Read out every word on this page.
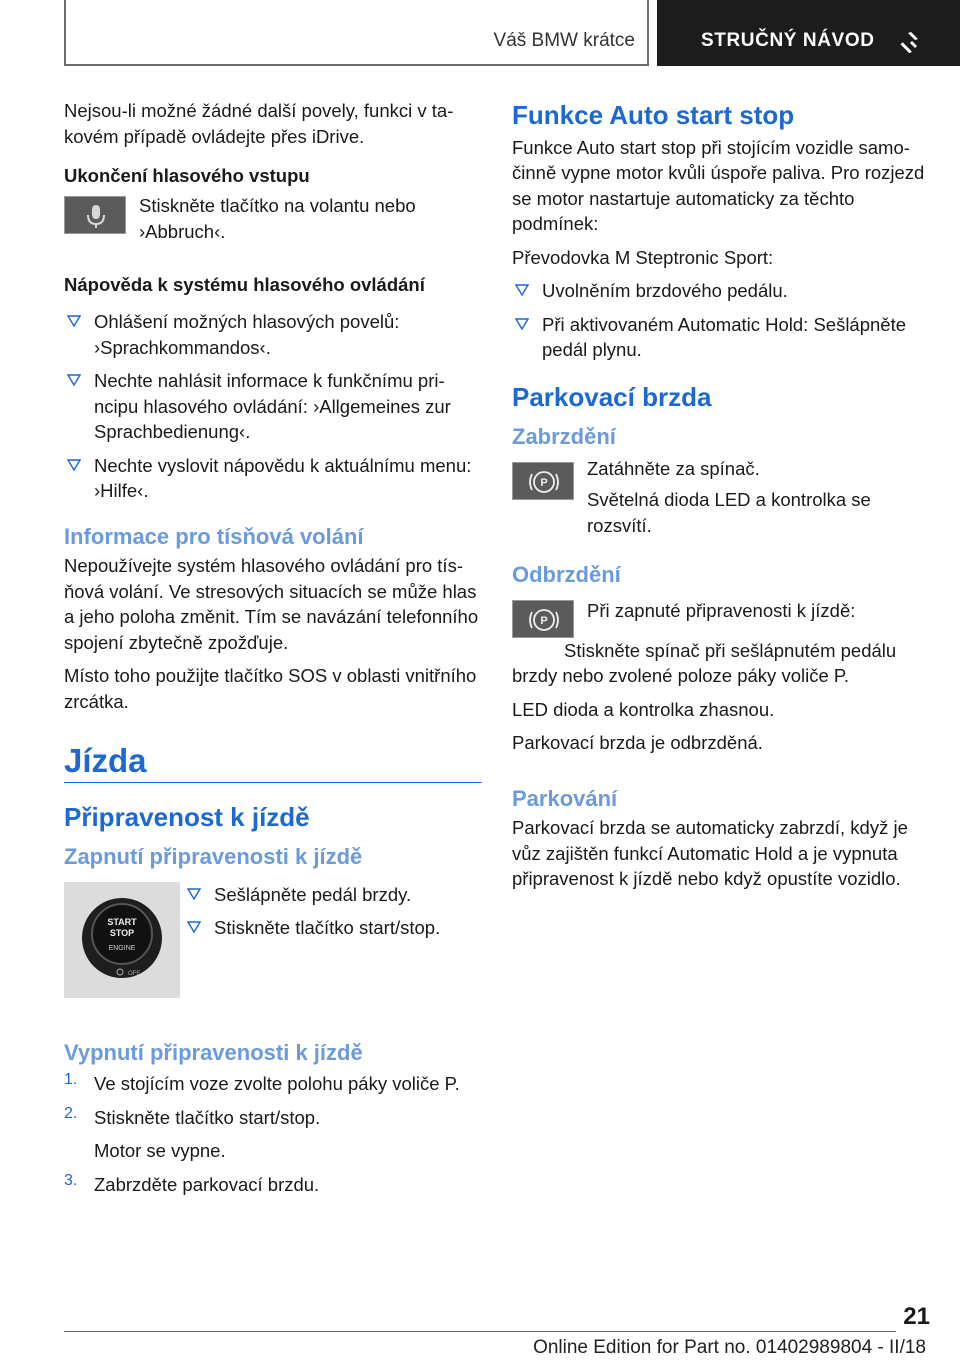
Váš BMW krátce	STRUČNÝ NÁVOD

Nejsou-li možné žádné další povely, funkci v takovém případě ovládejte přes iDrive.

Ukončení hlasového vstupu

Stiskněte tlačítko na volantu nebo ›Abbruch‹.

Nápověda k systému hlasového ovládání

Ohlášení možných hlasových povelů: ›Sprachkommandos‹.

Nechte nahlásit informace k funkčnímu principu hlasového ovládání: ›Allgemeines zur Sprachbedienung‹.

Nechte vyslovit nápovědu k aktuálnímu menu: ›Hilfe‹.

Informace pro tísňová volání

Nepoužívejte systém hlasového ovládání pro tísňová volání. Ve stresových situacích se může hlas a jeho poloha změnit. Tím se navázání telefonního spojení zbytečně zpožďuje.

Místo toho použijte tlačítko SOS v oblasti vnitřního zrcátka.

Jízda

Připravenost k jízdě

Zapnutí připravenosti k jízdě

START
STOP
ENGINE
OFF

Sešlápněte pedál brzdy.

Stiskněte tlačítko start/stop.

Vypnutí připravenosti k jízdě

1. Ve stojícím voze zvolte polohu páky voliče P.

2. Stiskněte tlačítko start/stop.

Motor se vypne.

3. Zabrzděte parkovací brzdu.

Funkce Auto start stop

Funkce Auto start stop při stojícím vozidle samočinně vypne motor kvůli úspoře paliva. Pro rozjezd se motor nastartuje automaticky za těchto podmínek:

Převodovka M Steptronic Sport:

Uvolněním brzdového pedálu.

Při aktivovaném Automatic Hold: Sešlápněte pedál plynu.

Parkovací brzda

Zabrzdění

P

Zatáhněte za spínač.

Světelná dioda LED a kontrolka se rozsvítí.

Odbrzdění

P	Při zapnuté připravenosti k jízdě:

Stiskněte spínač při sešlápnutém pedálu brzdy nebo zvolené poloze páky voliče P.

LED dioda a kontrolka zhasnou.

Parkovací brzda je odbrzděná.

Parkování

Parkovací brzda se automaticky zabrzdí, když je vůz zajištěn funkcí Automatic Hold a je vypnuta připravenost k jízdě nebo když opustíte vozidlo.

21
Online Edition for Part no. 01402989804 - II/18
